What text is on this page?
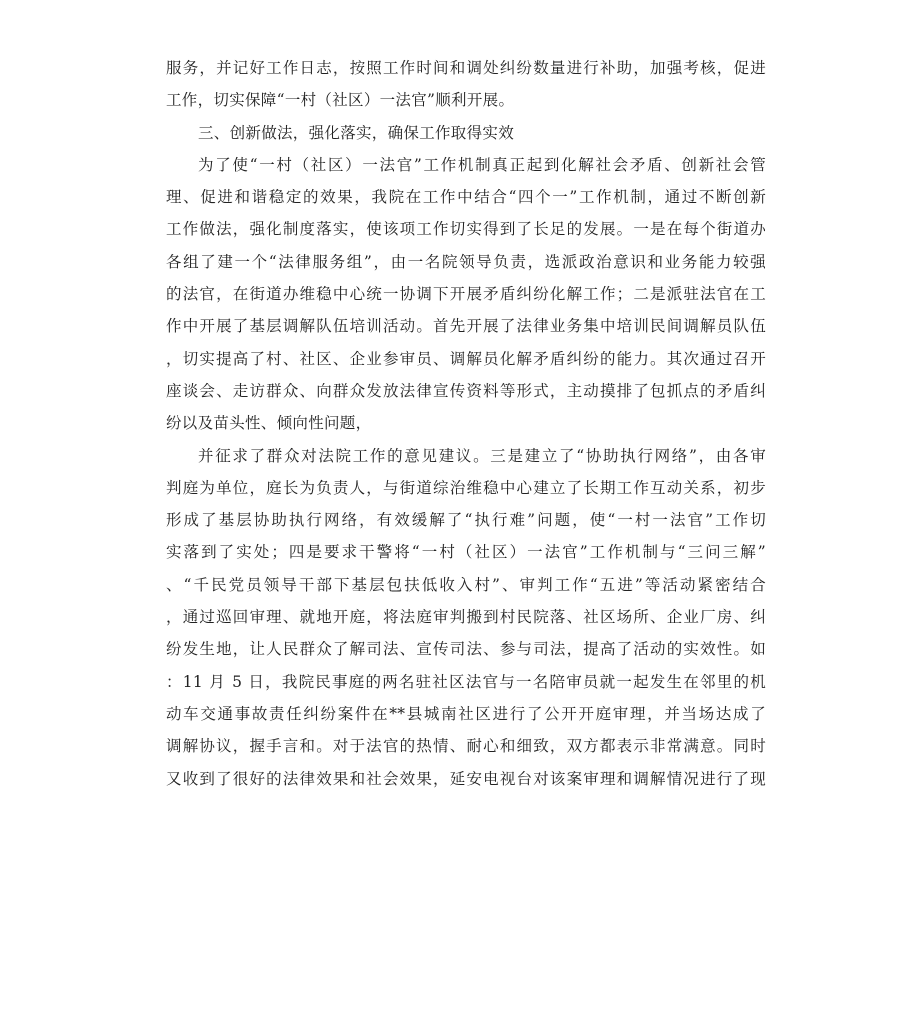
服务，并记好工作日志，按照工作时间和调处纠纷数量进行补助，加强考核，促进
工作，切实保障“一村（社区）一法官”顺利开展。
三、创新做法，强化落实，确保工作取得实效
为了使“一村（社区）一法官”工作机制真正起到化解社会矛盾、创新社会管
理、促进和谐稳定的效果，我院在工作中结合“四个一”工作机制，通过不断创新
工作做法，强化制度落实，使该项工作切实得到了长足的发展。一是在每个街道办
各组了建一个“法律服务组”，由一名院领导负责，选派政治意识和业务能力较强
的法官，在街道办维稳中心统一协调下开展矛盾纠纷化解工作；二是派驻法官在工
作中开展了基层调解队伍培训活动。首先开展了法律业务集中培训民间调解员队伍
，切实提高了村、社区、企业参审员、调解员化解矛盾纠纷的能力。其次通过召开
座谈会、走访群众、向群众发放法律宣传资料等形式，主动摸排了包抓点的矛盾纠
纷以及苗头性、倾向性问题，
并征求了群众对法院工作的意见建议。三是建立了“协助执行网络”，由各审
判庭为单位，庭长为负责人，与街道综治维稳中心建立了长期工作互动关系，初步
形成了基层协助执行网络，有效缓解了“执行难”问题，使“一村一法官”工作切
实落到了实处；四是要求干警将“一村（社区）一法官”工作机制与“三问三解”
、“千民党员领导干部下基层包扶低收入村”、审判工作“五进”等活动紧密结合
，通过巡回审理、就地开庭，将法庭审判搬到村民院落、社区场所、企业厂房、纠
纷发生地，让人民群众了解司法、宣传司法、参与司法，提高了活动的实效性。如
：11 月 5 日，我院民事庭的两名驻社区法官与一名陪审员就一起发生在邻里的机
动车交通事故责任纠纷案件在**县城南社区进行了公开开庭审理，并当场达成了
调解协议，握手言和。对于法官的热情、耐心和细致，双方都表示非常满意。同时
又收到了很好的法律效果和社会效果，延安电视台对该案审理和调解情况进行了现
